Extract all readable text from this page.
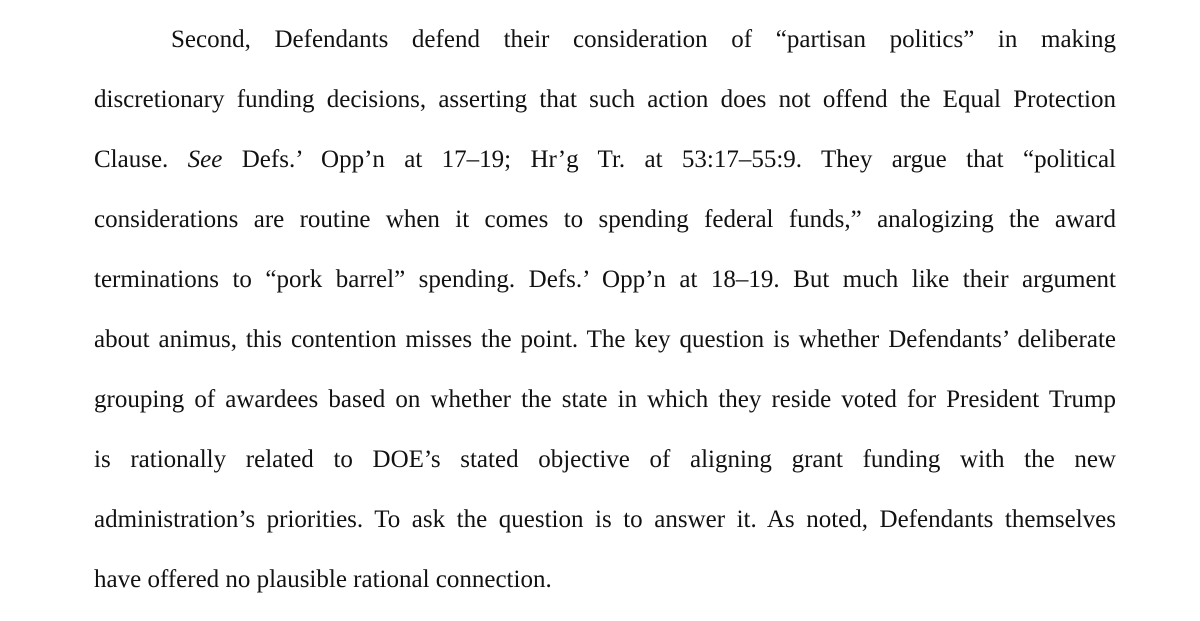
Second, Defendants defend their consideration of “partisan politics” in making
discretionary funding decisions, asserting that such action does not offend the Equal Protection
Clause. See Defs.’ Opp’n at 17–19; Hr’g Tr. at 53:17–55:9. They argue that “political
considerations are routine when it comes to spending federal funds,” analogizing the award
terminations to “pork barrel” spending. Defs.’ Opp’n at 18–19. But much like their argument
about animus, this contention misses the point. The key question is whether Defendants’ deliberate
grouping of awardees based on whether the state in which they reside voted for President Trump
is rationally related to DOE’s stated objective of aligning grant funding with the new
administration’s priorities. To ask the question is to answer it. As noted, Defendants themselves
have offered no plausible rational connection.
